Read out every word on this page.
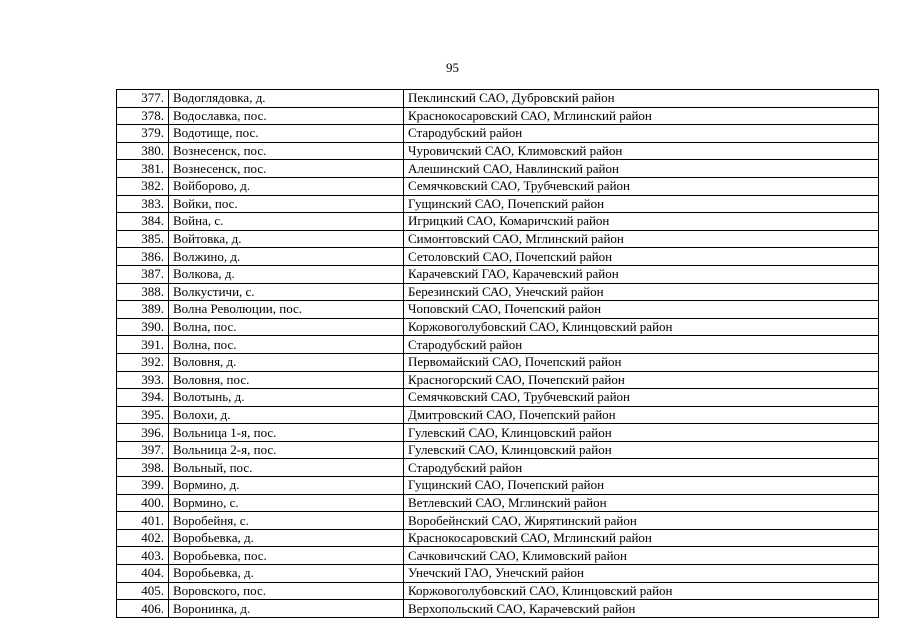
95
377.	Водоглядовка, д.	Пеклинский САО, Дубровский район
378.	Водославка, пос.	Краснокосаровский САО, Мглинский район
379.	Водотище, пос.	Стародубский район
380.	Вознесенск, пос.	Чуровичский САО, Климовский район
381.	Вознесенск, пос.	Алешинский САО, Навлинский район
382.	Войборово, д.	Семячковский САО, Трубчевский район
383.	Войки, пос.	Гущинский САО, Почепский район
384.	Война, с.	Игрицкий САО, Комаричский район
385.	Войтовка, д.	Симонтовский САО, Мглинский район
386.	Волжино, д.	Сетоловский САО, Почепский район
387.	Волкова, д.	Карачевский ГАО, Карачевский район
388.	Волкустичи, с.	Березинский САО, Унечский район
389.	Волна Революции, пос.	Чоповский САО, Почепский район
390.	Волна, пос.	Коржовоголубовский САО, Клинцовский район
391.	Волна, пос.	Стародубский район
392.	Воловня, д.	Первомайский САО, Почепский район
393.	Воловня, пос.	Красногорский САО, Почепский район
394.	Волотынь, д.	Семячковский САО, Трубчевский район
395.	Волохи, д.	Дмитровский САО, Почепский район
396.	Вольница 1-я, пос.	Гулевский САО, Клинцовский район
397.	Вольница 2-я, пос.	Гулевский САО, Клинцовский район
398.	Вольный, пос.	Стародубский район
399.	Вормино, д.	Гущинский САО, Почепский район
400.	Вормино, с.	Ветлевский САО, Мглинский район
401.	Воробейня, с.	Воробейнский САО, Жирятинский район
402.	Воробьевка, д.	Краснокосаровский САО, Мглинский район
403.	Воробьевка, пос.	Сачковичский САО, Климовский район
404.	Воробьевка, д.	Унечский ГАО, Унечский район
405.	Воровского, пос.	Коржовоголубовский САО, Клинцовский район
406.	Воронинка, д.	Верхопольский САО, Карачевский район
